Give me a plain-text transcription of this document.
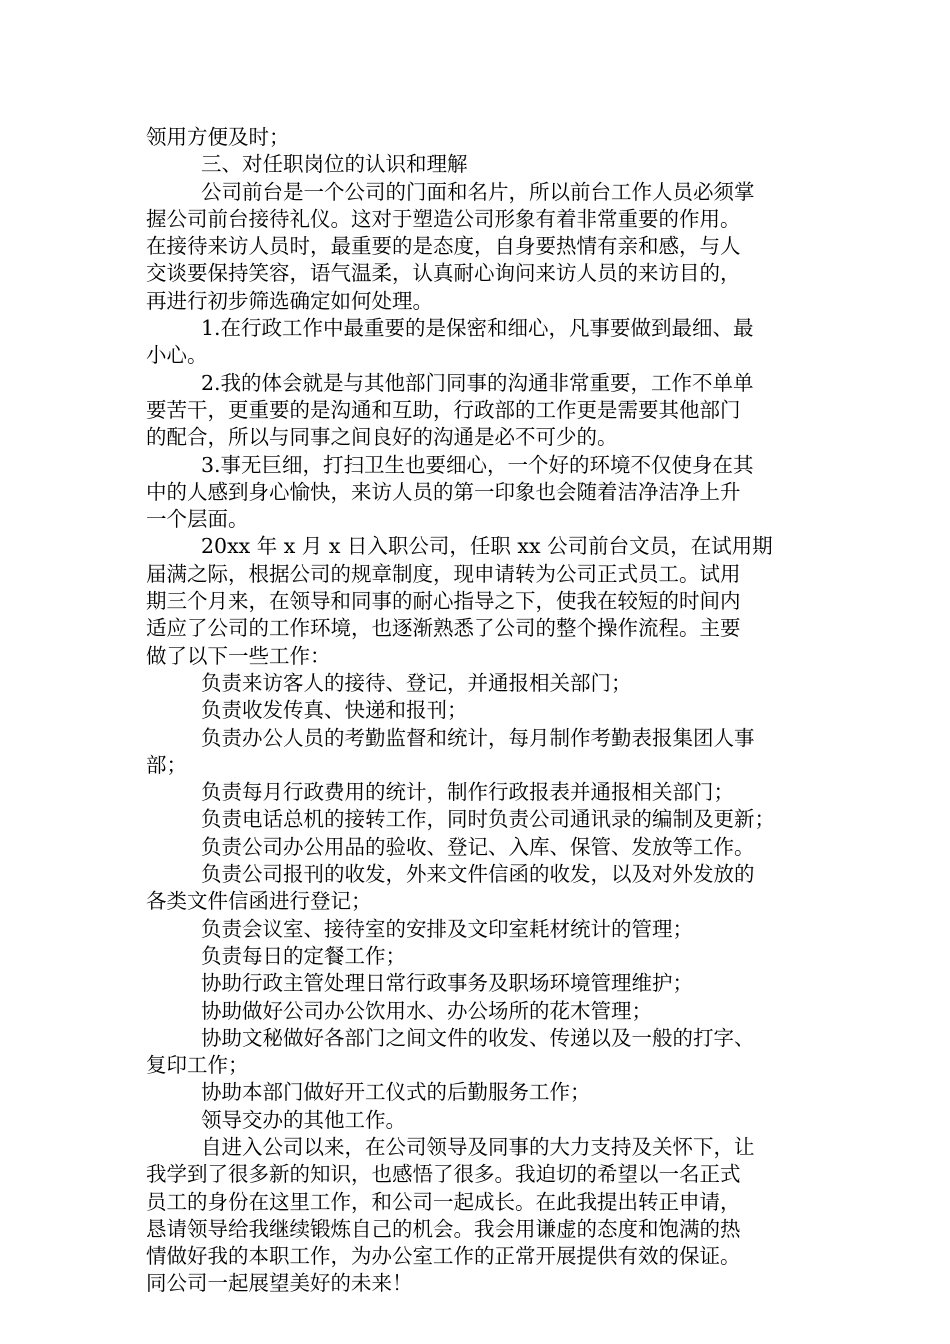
领用方便及时；
三、对任职岗位的认识和理解
公司前台是一个公司的门面和名片，所以前台工作人员必须掌
握公司前台接待礼仪。这对于塑造公司形象有着非常重要的作用。
在接待来访人员时，最重要的是态度，自身要热情有亲和感，与人
交谈要保持笑容，语气温柔，认真耐心询问来访人员的来访目的，
再进行初步筛选确定如何处理。
1.在行政工作中最重要的是保密和细心，凡事要做到最细、最
小心。
2.我的体会就是与其他部门同事的沟通非常重要，工作不单单
要苦干，更重要的是沟通和互助，行政部的工作更是需要其他部门
的配合，所以与同事之间良好的沟通是必不可少的。
3.事无巨细，打扫卫生也要细心，一个好的环境不仅使身在其
中的人感到身心愉快，来访人员的第一印象也会随着洁净洁净上升
一个层面。
20xx 年 x 月 x 日入职公司，任职 xx 公司前台文员，在试用期
届满之际，根据公司的规章制度，现申请转为公司正式员工。试用
期三个月来，在领导和同事的耐心指导之下，使我在较短的时间内
适应了公司的工作环境，也逐渐熟悉了公司的整个操作流程。主要
做了以下一些工作：
负责来访客人的接待、登记，并通报相关部门；
负责收发传真、快递和报刊；
负责办公人员的考勤监督和统计，每月制作考勤表报集团人事
部；
负责每月行政费用的统计，制作行政报表并通报相关部门；
负责电话总机的接转工作，同时负责公司通讯录的编制及更新；
负责公司办公用品的验收、登记、入库、保管、发放等工作。
负责公司报刊的收发，外来文件信函的收发，以及对外发放的
各类文件信函进行登记；
负责会议室、接待室的安排及文印室耗材统计的管理；
负责每日的定餐工作；
协助行政主管处理日常行政事务及职场环境管理维护；
协助做好公司办公饮用水、办公场所的花木管理；
协助文秘做好各部门之间文件的收发、传递以及一般的打字、
复印工作；
协助本部门做好开工仪式的后勤服务工作；
领导交办的其他工作。
自进入公司以来，在公司领导及同事的大力支持及关怀下，让
我学到了很多新的知识，也感悟了很多。我迫切的希望以一名正式
员工的身份在这里工作，和公司一起成长。在此我提出转正申请，
恳请领导给我继续锻炼自己的机会。我会用谦虚的态度和饱满的热
情做好我的本职工作，为办公室工作的正常开展提供有效的保证。
同公司一起展望美好的未来！
